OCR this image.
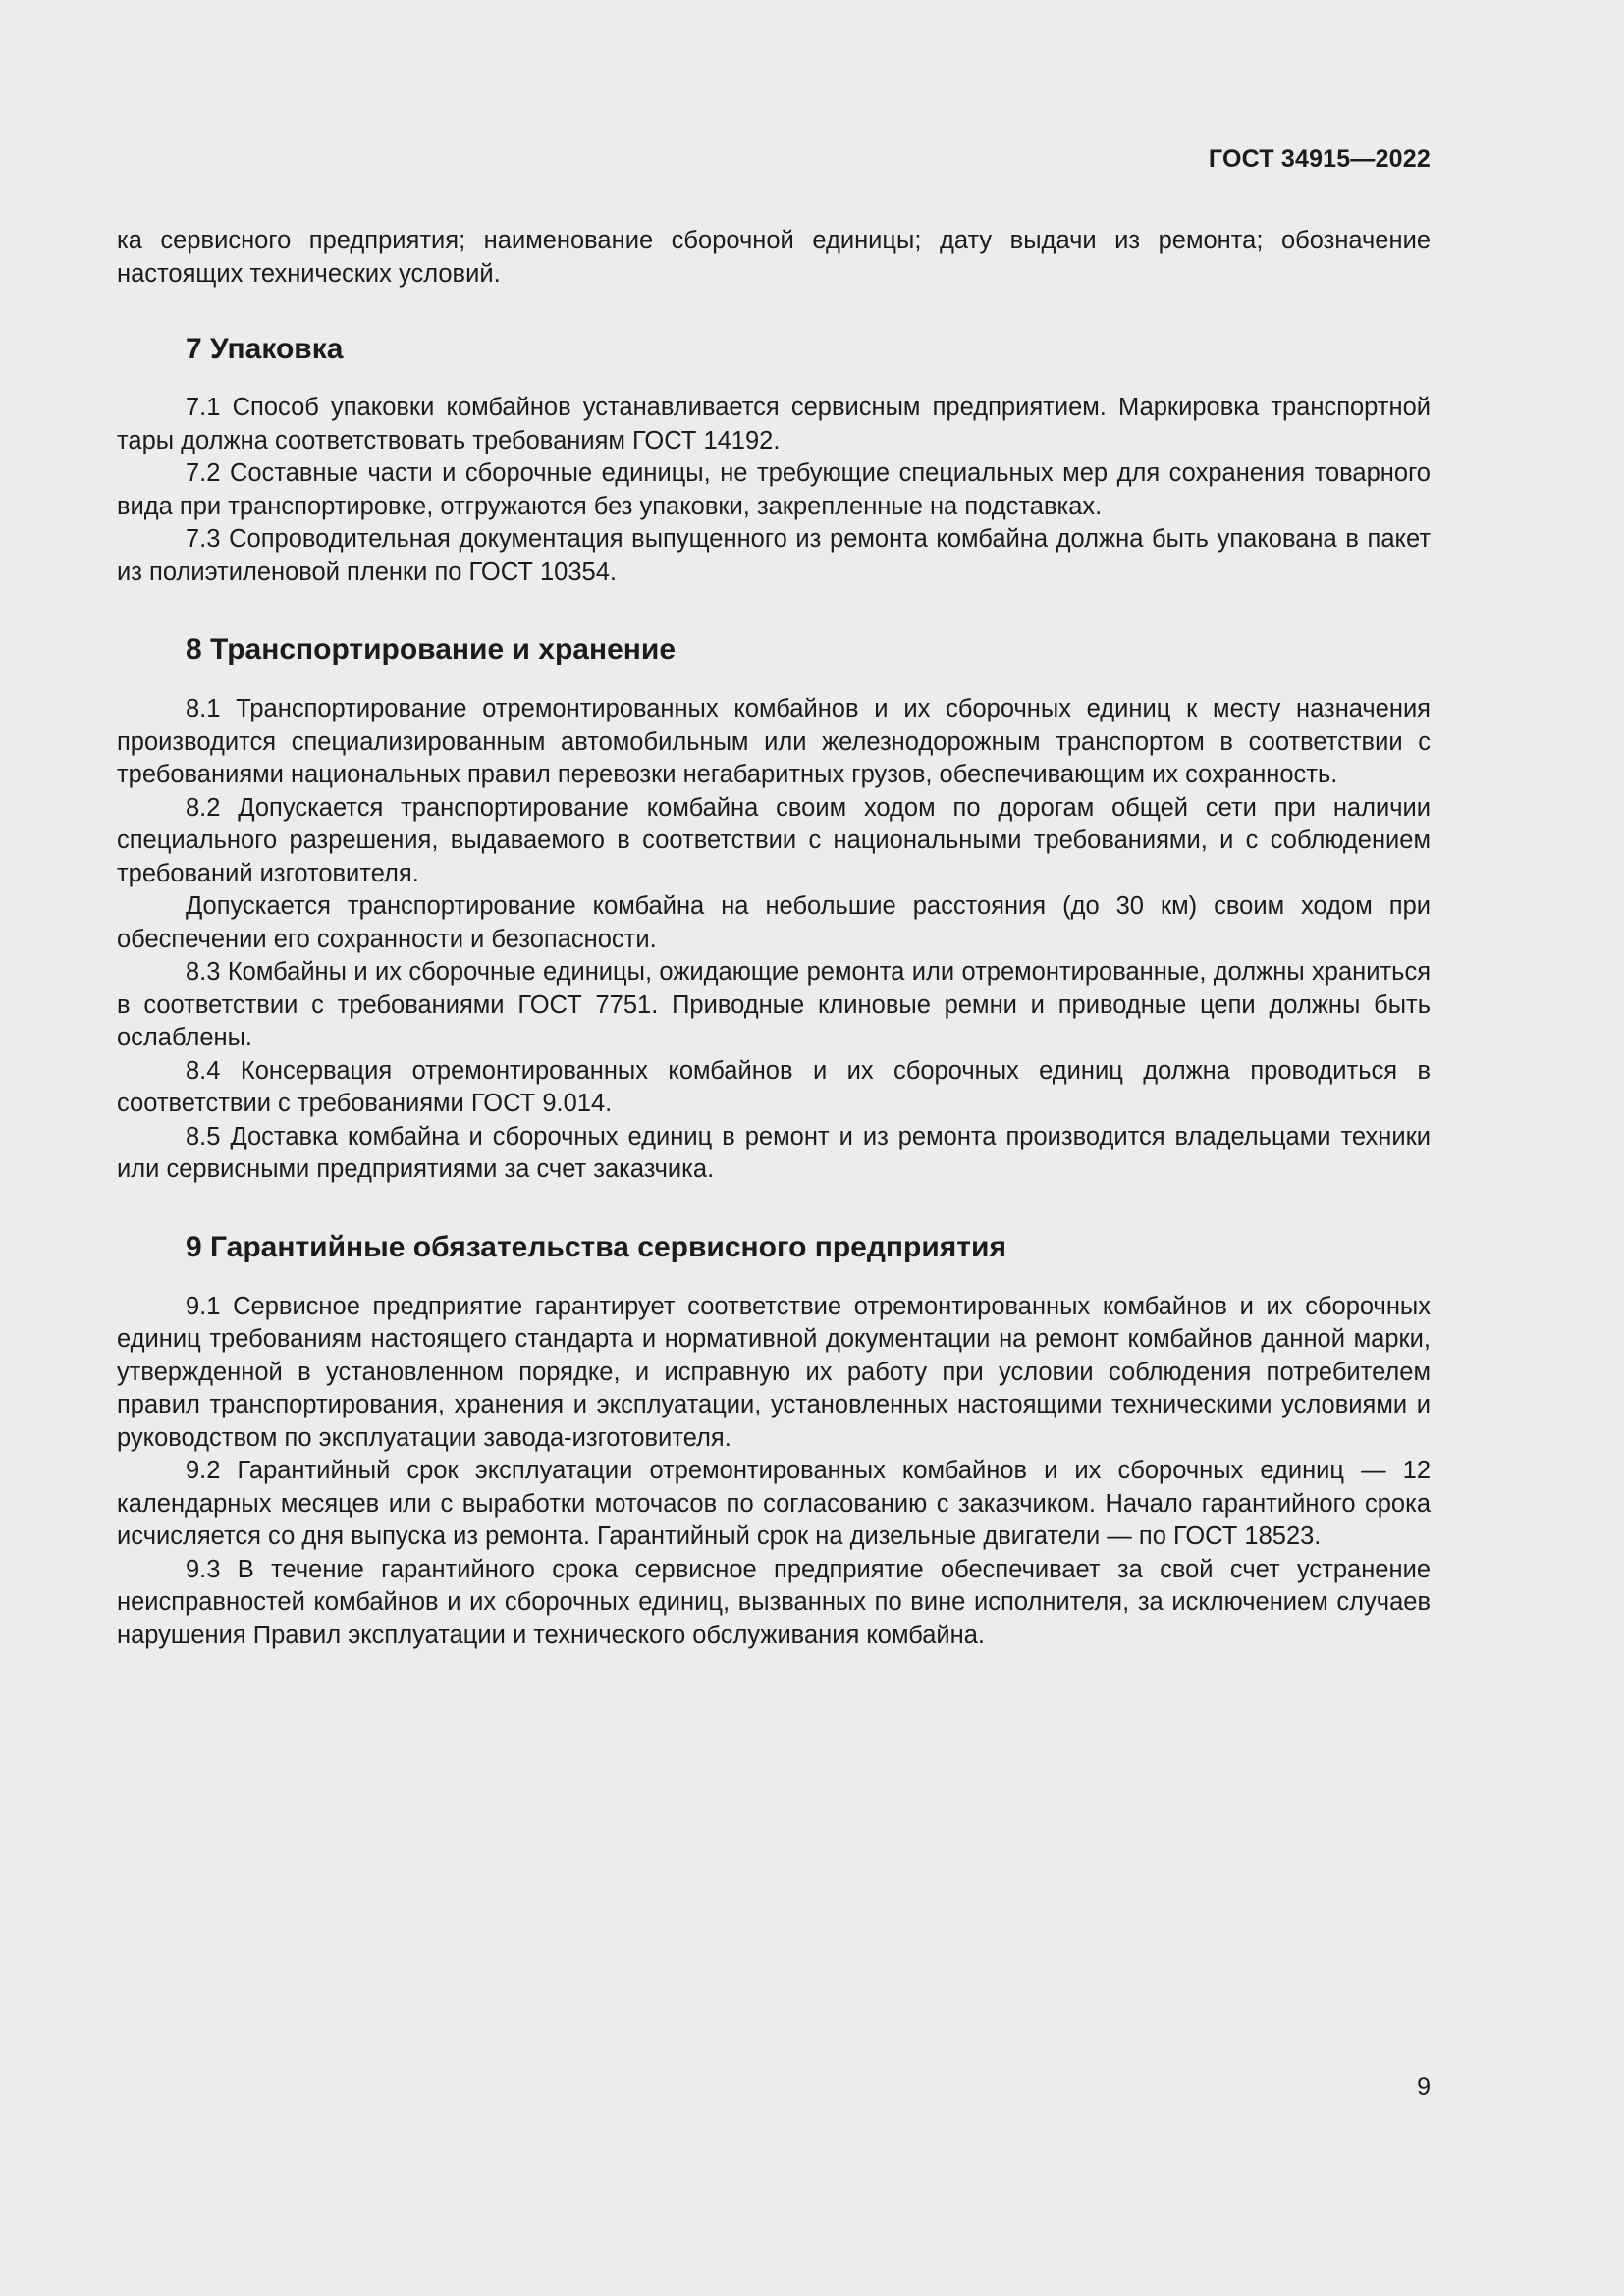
ГОСТ 34915—2022

ка сервисного предприятия; наименование сборочной единицы; дату выдачи из ремонта; обозначение настоящих технических условий.

7 Упаковка

7.1 Способ упаковки комбайнов устанавливается сервисным предприятием. Маркировка транспортной тары должна соответствовать требованиям ГОСТ 14192.

7.2 Составные части и сборочные единицы, не требующие специальных мер для сохранения товарного вида при транспортировке, отгружаются без упаковки, закрепленные на подставках.

7.3 Сопроводительная документация выпущенного из ремонта комбайна должна быть упакована в пакет из полиэтиленовой пленки по ГОСТ 10354.

8 Транспортирование и хранение

8.1 Транспортирование отремонтированных комбайнов и их сборочных единиц к месту назначения производится специализированным автомобильным или железнодорожным транспортом в соответствии с требованиями национальных правил перевозки негабаритных грузов, обеспечивающим их сохранность.

8.2 Допускается транспортирование комбайна своим ходом по дорогам общей сети при наличии специального разрешения, выдаваемого в соответствии с национальными требованиями, и с соблюдением требований изготовителя.

Допускается транспортирование комбайна на небольшие расстояния (до 30 км) своим ходом при обеспечении его сохранности и безопасности.

8.3 Комбайны и их сборочные единицы, ожидающие ремонта или отремонтированные, должны храниться в соответствии с требованиями ГОСТ 7751. Приводные клиновые ремни и приводные цепи должны быть ослаблены.

8.4 Консервация отремонтированных комбайнов и их сборочных единиц должна проводиться в соответствии с требованиями ГОСТ 9.014.

8.5 Доставка комбайна и сборочных единиц в ремонт и из ремонта производится владельцами техники или сервисными предприятиями за счет заказчика.

9 Гарантийные обязательства сервисного предприятия

9.1 Сервисное предприятие гарантирует соответствие отремонтированных комбайнов и их сборочных единиц требованиям настоящего стандарта и нормативной документации на ремонт комбайнов данной марки, утвержденной в установленном порядке, и исправную их работу при условии соблюдения потребителем правил транспортирования, хранения и эксплуатации, установленных настоящими техническими условиями и руководством по эксплуатации завода-изготовителя.

9.2 Гарантийный срок эксплуатации отремонтированных комбайнов и их сборочных единиц — 12 календарных месяцев или с выработки моточасов по согласованию с заказчиком. Начало гарантийного срока исчисляется со дня выпуска из ремонта. Гарантийный срок на дизельные двигатели — по ГОСТ 18523.

9.3 В течение гарантийного срока сервисное предприятие обеспечивает за свой счет устранение неисправностей комбайнов и их сборочных единиц, вызванных по вине исполнителя, за исключением случаев нарушения Правил эксплуатации и технического обслуживания комбайна.

9
